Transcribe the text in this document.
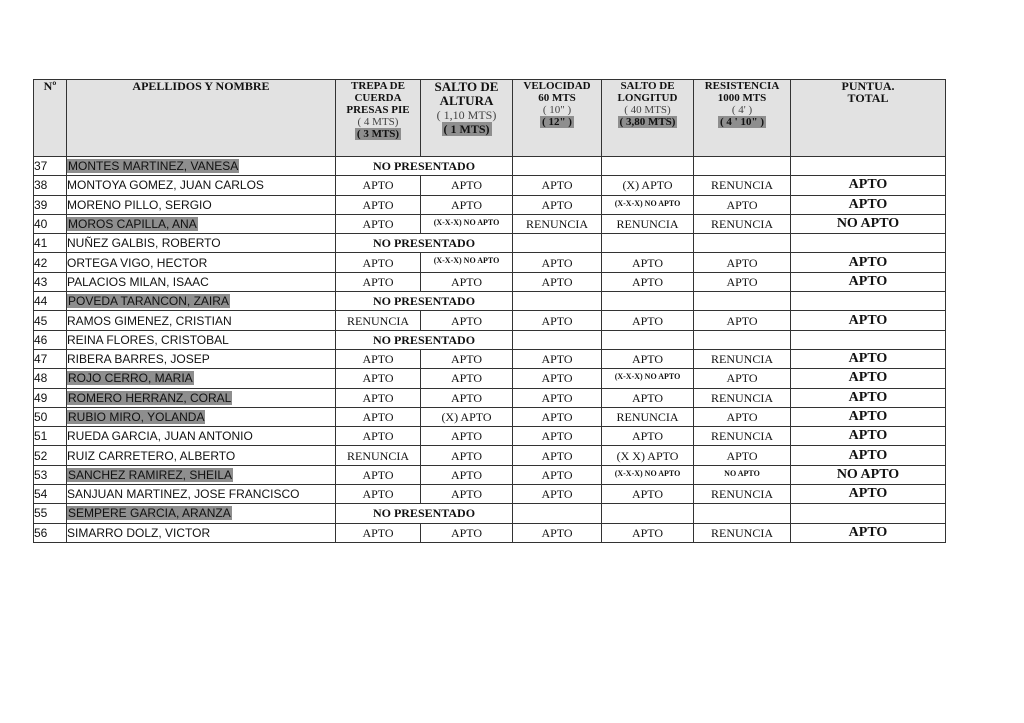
Nº	APELLIDOS Y NOMBRE	TREPA DE
CUERDA
PRESAS PIE
( 4 MTS)
( 3 MTS)	SALTO DE
ALTURA
( 1,10 MTS)
( 1 MTS)	VELOCIDAD
60 MTS
( 10" )
( 12" )	SALTO DE
LONGITUD
( 40 MTS)
( 3,80 MTS)	RESISTENCIA
1000 MTS
( 4' )
( 4 ' 10" )	PUNTUA.
TOTAL

37	MONTES MARTINEZ, VANESA	NO PRESENTADO					
38	MONTOYA GOMEZ, JUAN CARLOS	APTO	APTO	APTO	(X) APTO	RENUNCIA	APTO
39	MORENO PILLO, SERGIO	APTO	APTO	APTO	(X-X-X) NO APTO	APTO	APTO
40	MOROS CAPILLA, ANA	APTO	(X-X-X) NO APTO	RENUNCIA	RENUNCIA	RENUNCIA	NO APTO
41	NUÑEZ GALBIS, ROBERTO	NO PRESENTADO					
42	ORTEGA VIGO, HECTOR	APTO	(X-X-X) NO APTO	APTO	APTO	APTO	APTO
43	PALACIOS MILAN, ISAAC	APTO	APTO	APTO	APTO	APTO	APTO
44	POVEDA TARANCON, ZAIRA	NO PRESENTADO					
45	RAMOS GIMENEZ, CRISTIAN	RENUNCIA	APTO	APTO	APTO	APTO	APTO
46	REINA FLORES, CRISTOBAL	NO PRESENTADO					
47	RIBERA BARRES, JOSEP	APTO	APTO	APTO	APTO	RENUNCIA	APTO
48	ROJO CERRO, MARIA	APTO	APTO	APTO	(X-X-X) NO APTO	APTO	APTO
49	ROMERO HERRANZ, CORAL	APTO	APTO	APTO	APTO	RENUNCIA	APTO
50	RUBIO MIRO, YOLANDA	APTO	(X) APTO	APTO	RENUNCIA	APTO	APTO
51	RUEDA GARCIA, JUAN ANTONIO	APTO	APTO	APTO	APTO	RENUNCIA	APTO
52	RUIZ CARRETERO, ALBERTO	RENUNCIA	APTO	APTO	(X X) APTO	APTO	APTO
53	SANCHEZ RAMIREZ, SHEILA	APTO	APTO	APTO	(X-X-X) NO APTO	NO APTO	NO APTO
54	SANJUAN MARTINEZ, JOSE FRANCISCO	APTO	APTO	APTO	APTO	RENUNCIA	APTO
55	SEMPERE GARCIA, ARANZA	NO PRESENTADO					
56	SIMARRO DOLZ, VICTOR	APTO	APTO	APTO	APTO	RENUNCIA	APTO
